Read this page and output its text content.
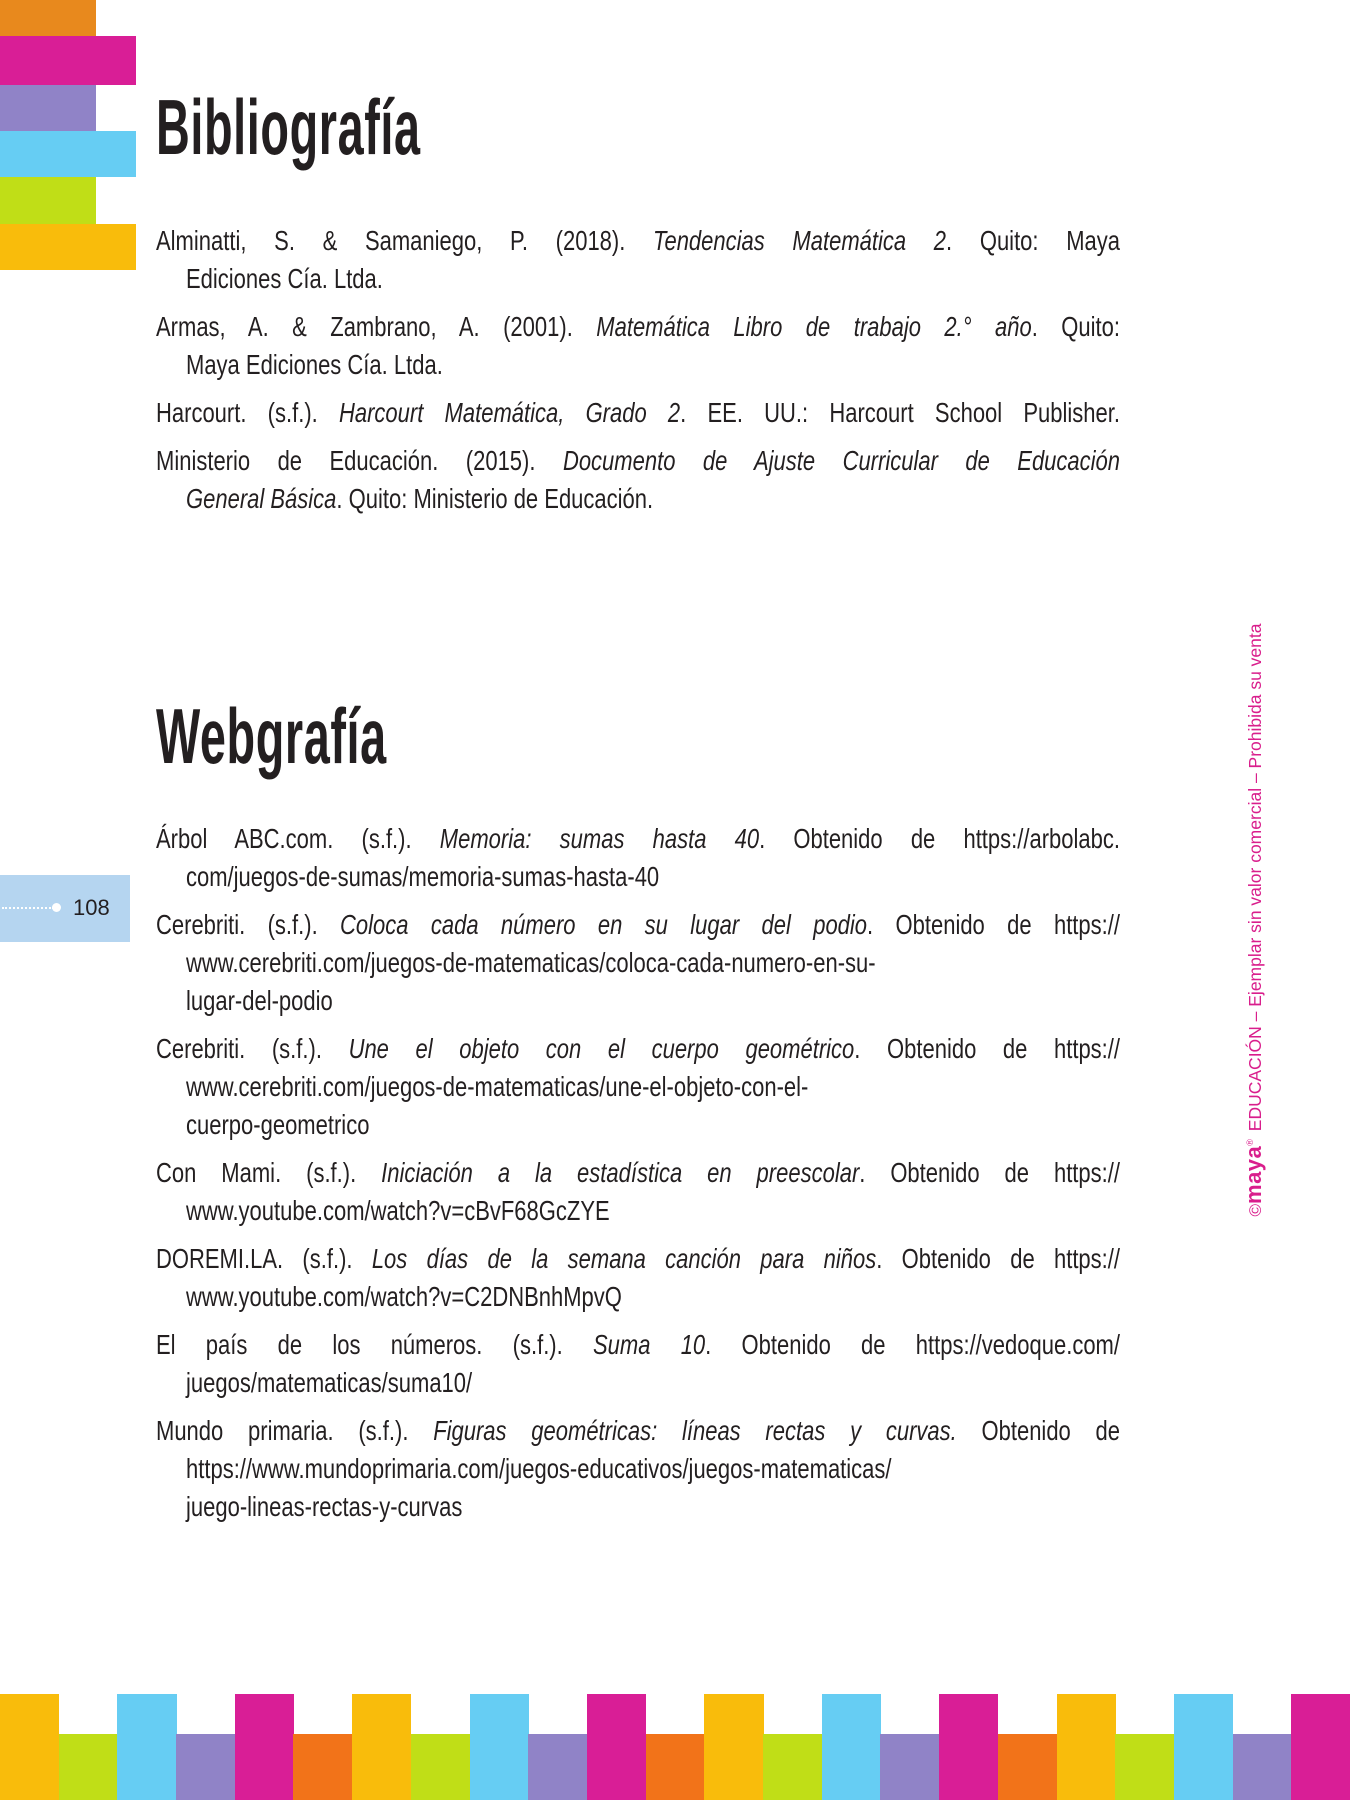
Bibliografía
Alminatti, S. & Samaniego, P. (2018). Tendencias Matemática 2. Quito: Maya
Ediciones Cía. Ltda.
Armas, A. & Zambrano, A. (2001). Matemática Libro de trabajo 2.° año. Quito:
Maya Ediciones Cía. Ltda.
Harcourt. (s.f.). Harcourt Matemática, Grado 2. EE. UU.: Harcourt School Publisher.
Ministerio de Educación. (2015). Documento de Ajuste Curricular de Educación
General Básica. Quito: Ministerio de Educación.
Webgrafía
Árbol ABC.com. (s.f.). Memoria: sumas hasta 40. Obtenido de https://arbolabc.
com/juegos-de-sumas/memoria-sumas-hasta-40
Cerebriti. (s.f.). Coloca cada número en su lugar del podio. Obtenido de https://
www.cerebriti.com/juegos-de-matematicas/coloca-cada-numero-en-su-
lugar-del-podio
Cerebriti. (s.f.). Une el objeto con el cuerpo geométrico. Obtenido de https://
www.cerebriti.com/juegos-de-matematicas/une-el-objeto-con-el-
cuerpo-geometrico
Con Mami. (s.f.). Iniciación a la estadística en preescolar. Obtenido de https://
www.youtube.com/watch?v=cBvF68GcZYE
DOREMI.LA. (s.f.). Los días de la semana canción para niños. Obtenido de https://
www.youtube.com/watch?v=C2DNBnhMpvQ
El país de los números. (s.f.). Suma 10. Obtenido de https://vedoque.com/
juegos/matematicas/suma10/
Mundo primaria. (s.f.). Figuras geométricas: líneas rectas y curvas. Obtenido de
https://www.mundoprimaria.com/juegos-educativos/juegos-matematicas/
juego-lineas-rectas-y-curvas
108
©maya® EDUCACIÓN – Ejemplar sin valor comercial – Prohibida su venta
